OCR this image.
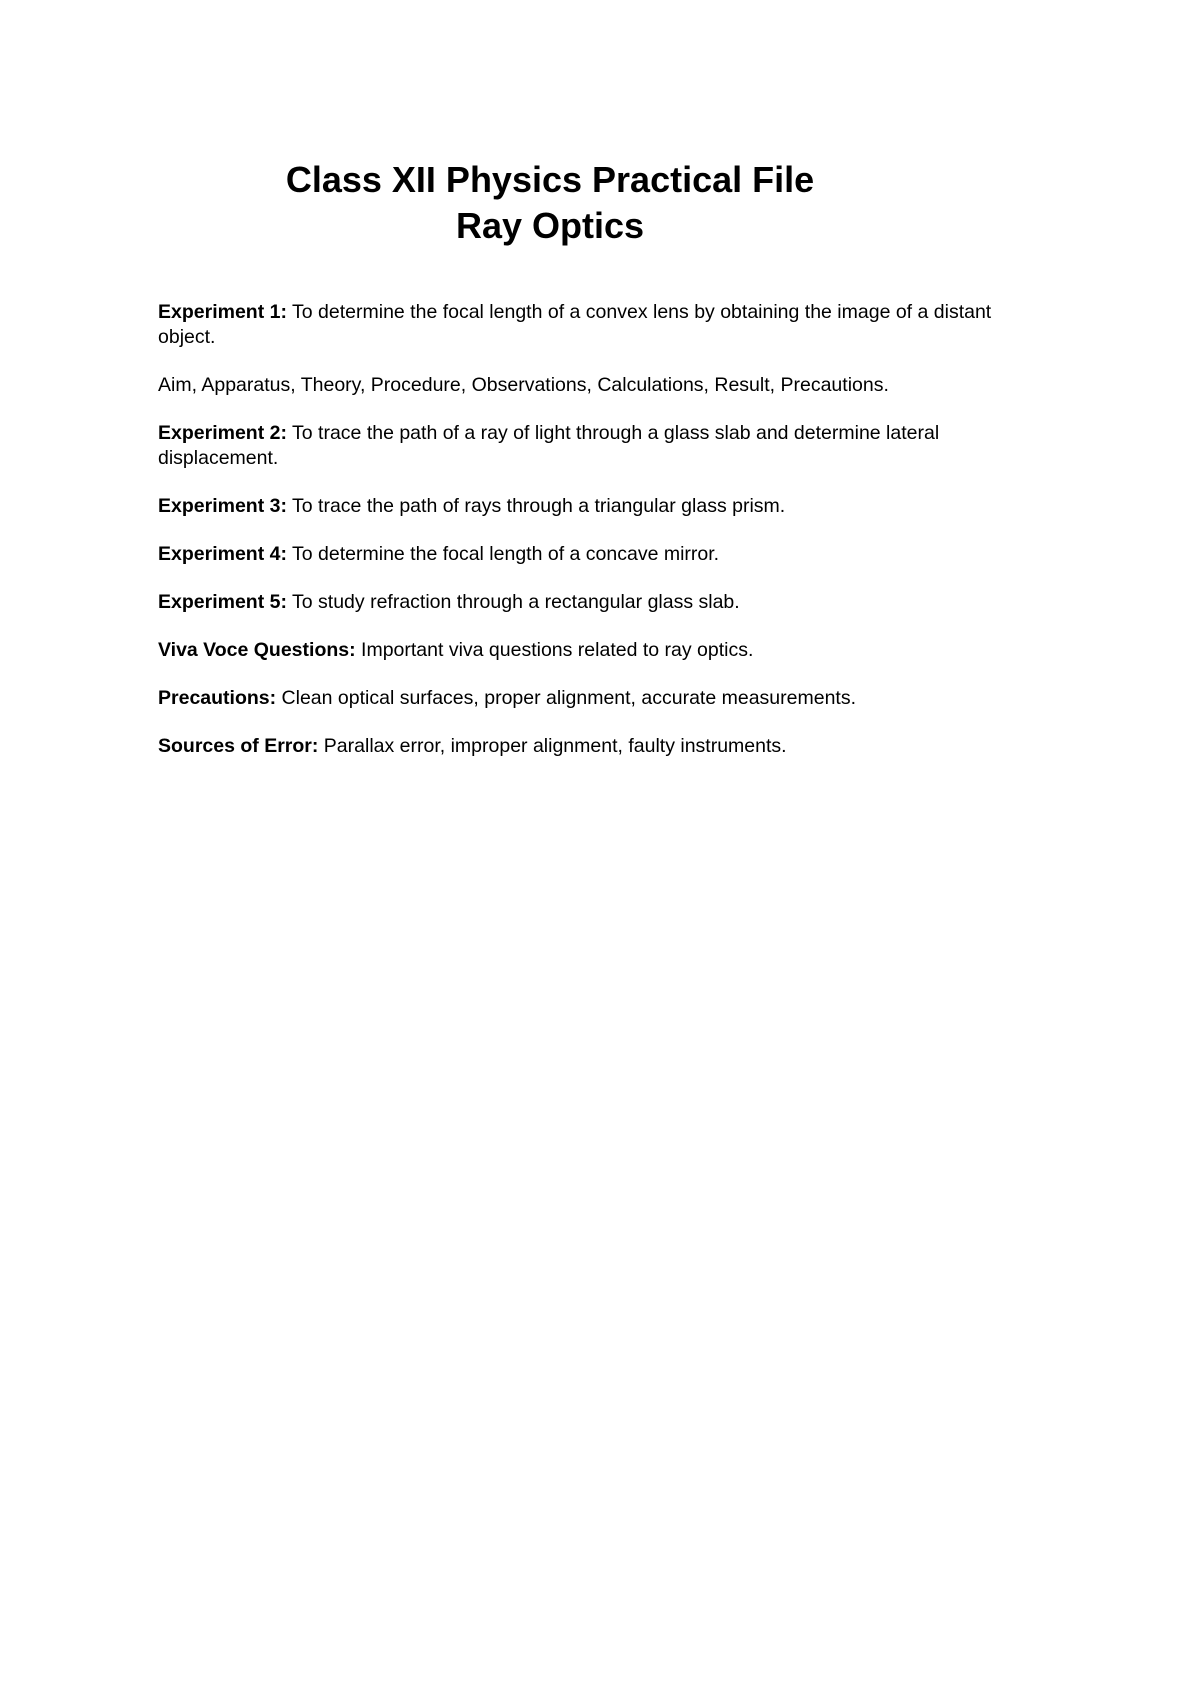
Class XII Physics Practical File

Ray Optics

Experiment 1: To determine the focal length of a convex lens by obtaining the image of a distant object.

Aim, Apparatus, Theory, Procedure, Observations, Calculations, Result, Precautions.

Experiment 2: To trace the path of a ray of light through a glass slab and determine lateral displacement.

Experiment 3: To trace the path of rays through a triangular glass prism.

Experiment 4: To determine the focal length of a concave mirror.

Experiment 5: To study refraction through a rectangular glass slab.

Viva Voce Questions: Important viva questions related to ray optics.

Precautions: Clean optical surfaces, proper alignment, accurate measurements.

Sources of Error: Parallax error, improper alignment, faulty instruments.
